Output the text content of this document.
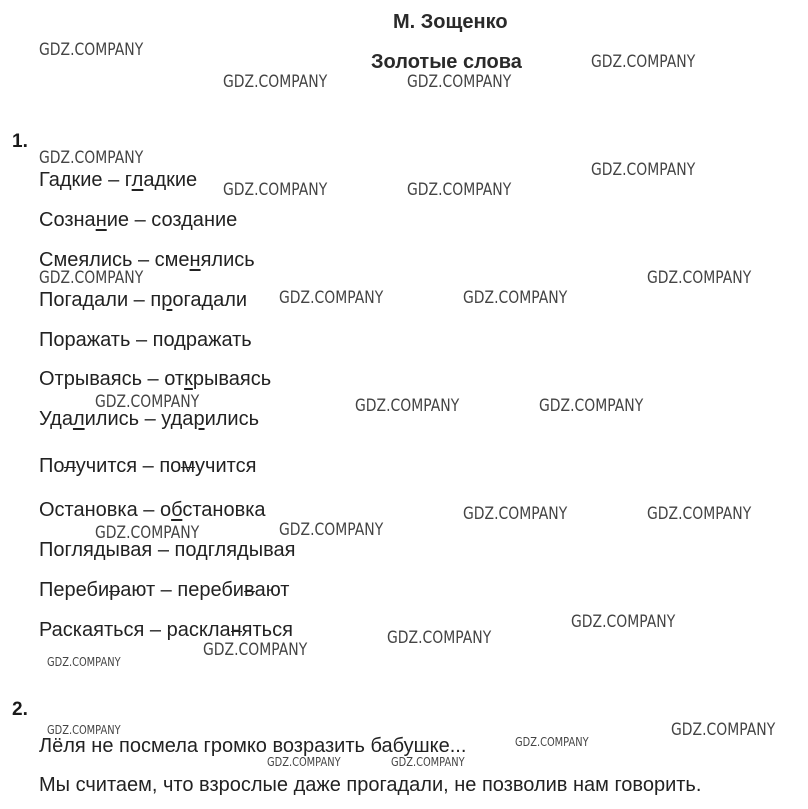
М. Зощенко
Золотые слова
1.
Гадкие – гладкие
Сознание – создание
Смеялись – сменялись
Погадали – прогадали
Поражать – подражать
Отрываясь – открываясь
Удалились – ударились
Получится – помучится
Остановка – обстановка
Поглядывая – подглядывая
Перебирают – перебивают
Раскаяться – раскланяться
2.
Лёля не посмела громко возразить бабушке...
Мы считаем, что взрослые даже прогадали, не позволив нам говорить.
GDZ.COMPANY
GDZ.COMPANY
GDZ.COMPANY	GDZ.COMPANY
GDZ.COMPANY
GDZ.COMPANY
GDZ.COMPANY	GDZ.COMPANY
GDZ.COMPANY	GDZ.COMPANY
GDZ.COMPANY	GDZ.COMPANY
GDZ.COMPANY	GDZ.COMPANY	GDZ.COMPANY
GDZ.COMPANY	GDZ.COMPANY
GDZ.COMPANY	GDZ.COMPANY
GDZ.COMPANY
GDZ.COMPANY
GDZ.COMPANY
GDZ.COMPANY
GDZ.COMPANY
GDZ.COMPANY
GDZ.COMPANY
GDZ.COMPANY	GDZ.COMPANY
